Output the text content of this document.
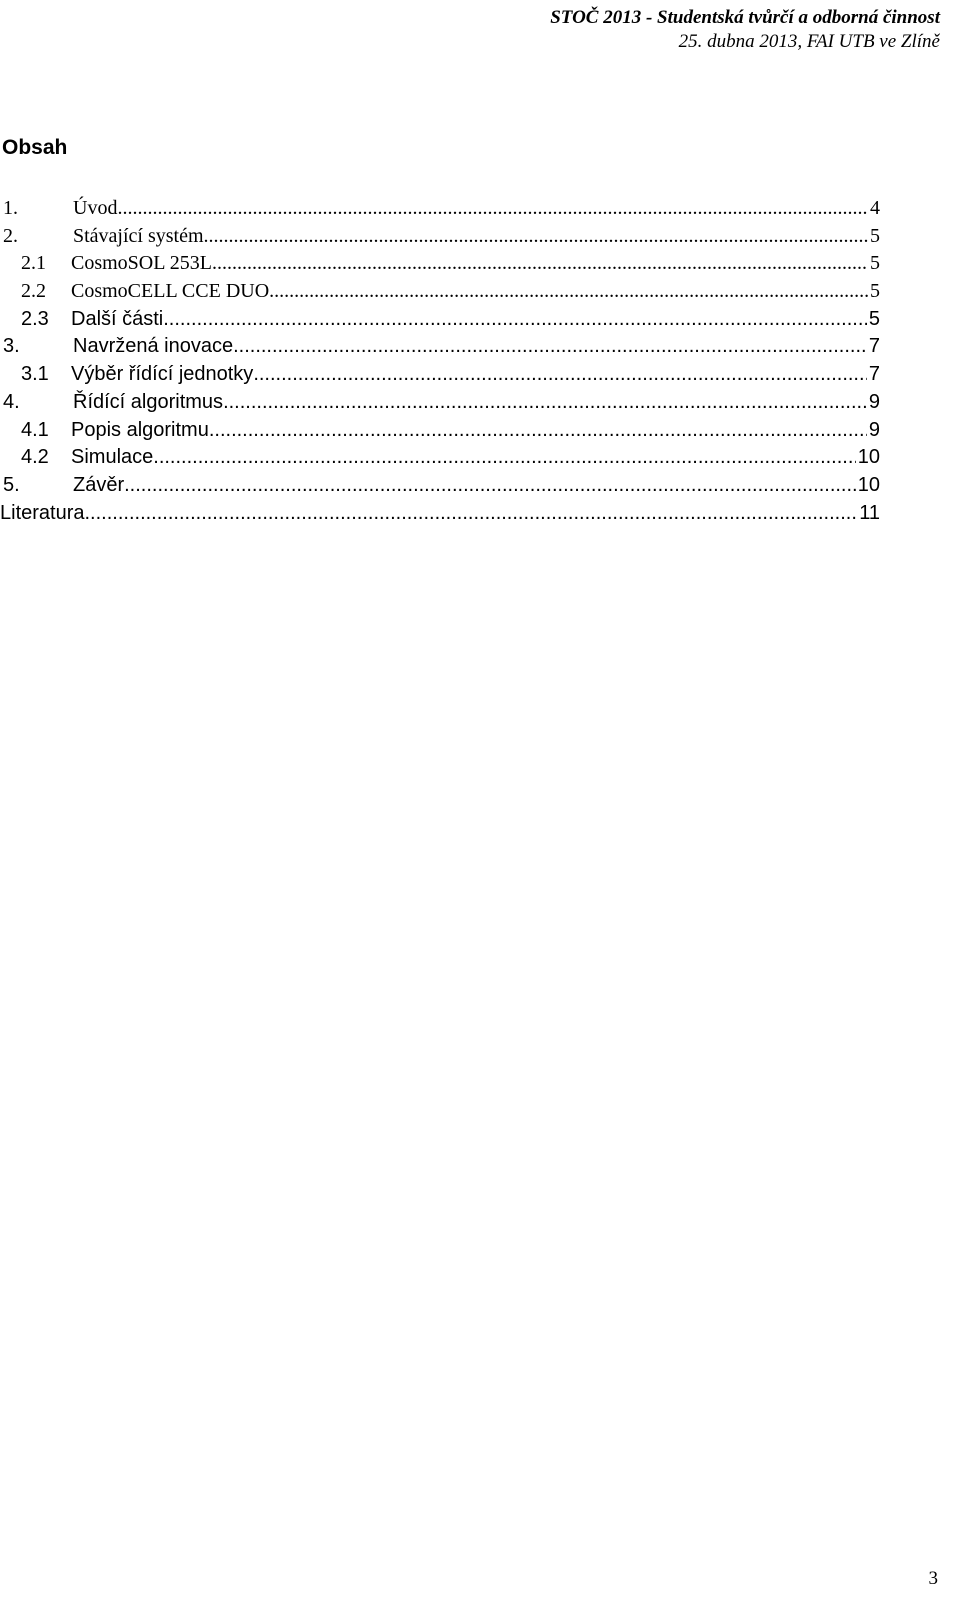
STOČ 2013 - Studentská tvůrčí a odborná činnost
25. dubna 2013, FAI UTB ve Zlíně
Obsah
1.	Úvod .....	4
2.	Stávající systém .....	5
2.1	CosmoSOL 253L .....	5
2.2	CosmoCELL CCE DUO .....	5
2.3	Další části .....	5
3.	Navržená inovace .....	7
3.1	Výběr řídící jednotky .....	7
4.	Řídící algoritmus .....	9
4.1	Popis algoritmu .....	9
4.2	Simulace .....	10
5.	Závěr .....	10
Literatura .....	11
3
